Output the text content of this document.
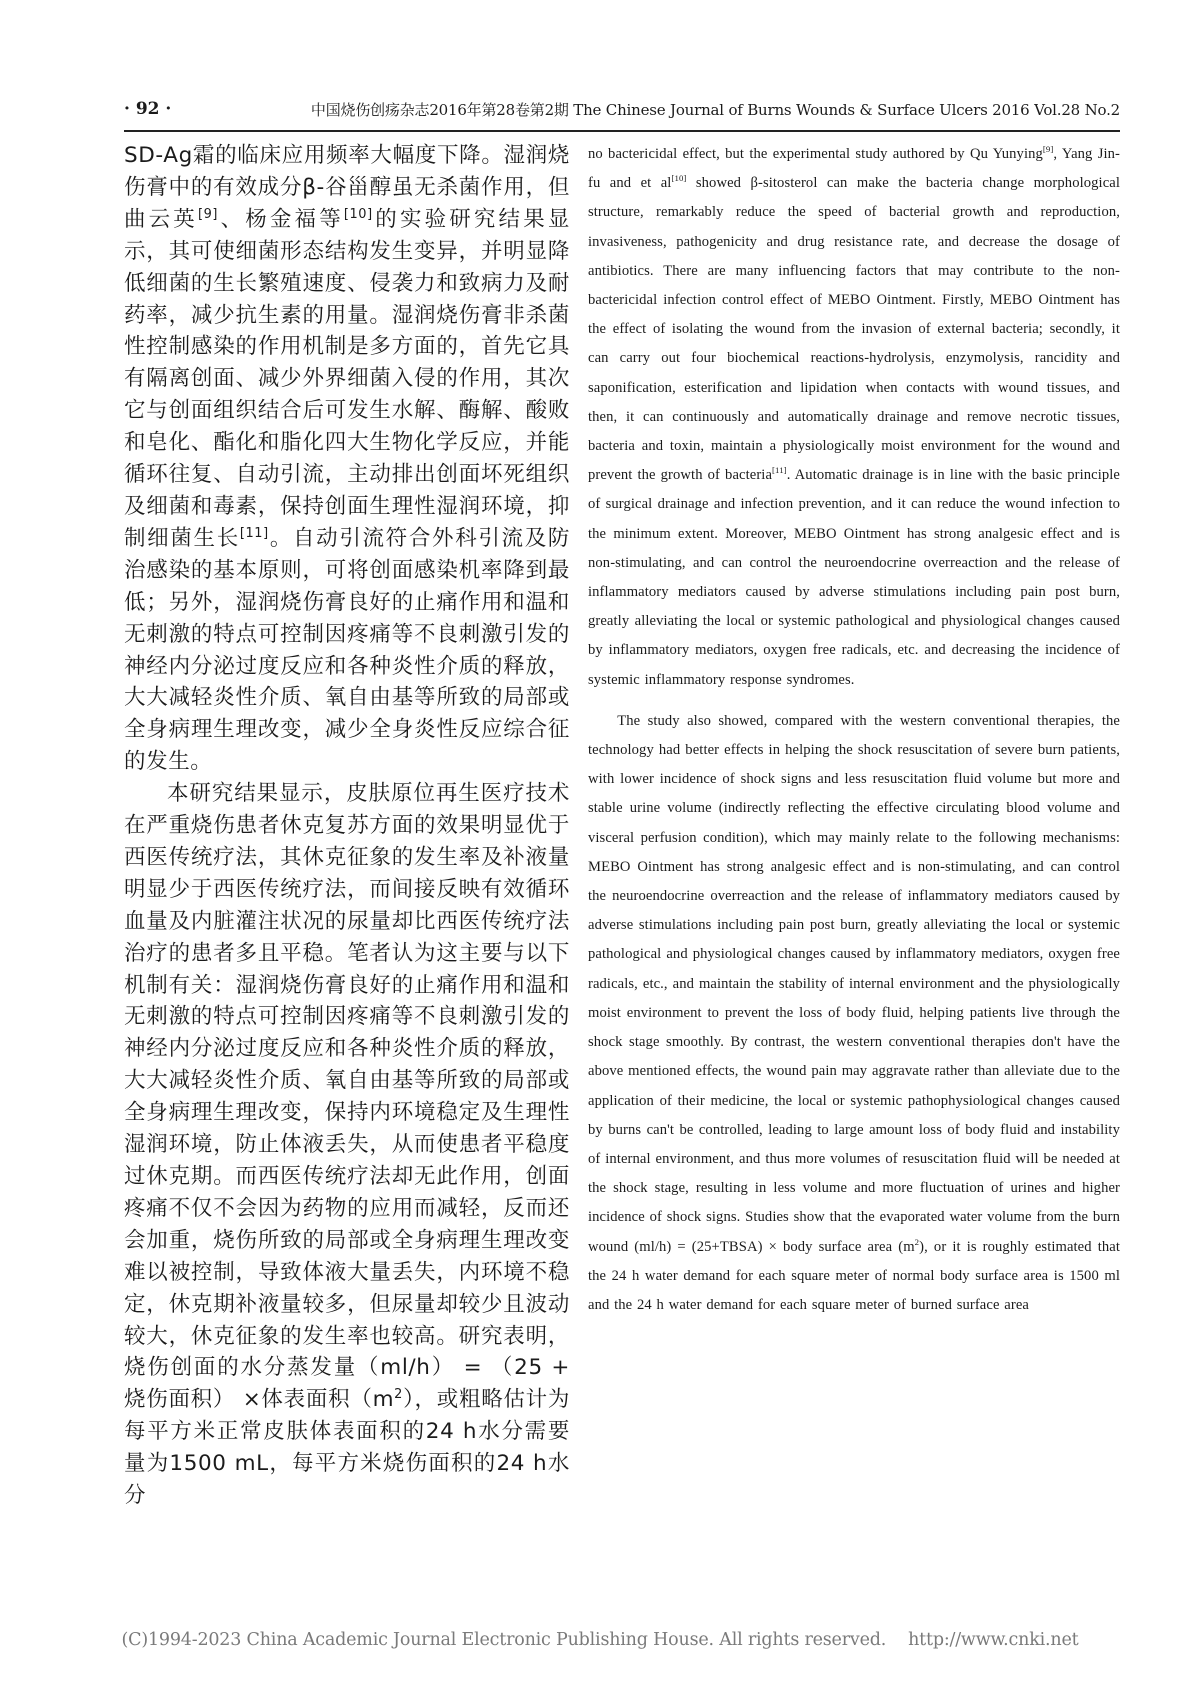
· 92 ·	中国烧伤创疡杂志2016年第28卷第2期 The Chinese Journal of Burns Wounds & Surface Ulcers 2016 Vol.28 No.2

SD-Ag霜的临床应用频率大幅度下降。湿润烧伤膏中的有效成分β-谷甾醇虽无杀菌作用，但曲云英[9]、杨金福等[10]的实验研究结果显示，其可使细菌形态结构发生变异，并明显降低细菌的生长繁殖速度、侵袭力和致病力及耐药率，减少抗生素的用量。湿润烧伤膏非杀菌性控制感染的作用机制是多方面的，首先它具有隔离创面、减少外界细菌入侵的作用，其次它与创面组织结合后可发生水解、酶解、酸败和皂化、酯化和脂化四大生物化学反应，并能循环往复、自动引流，主动排出创面坏死组织及细菌和毒素，保持创面生理性湿润环境，抑制细菌生长[11]。自动引流符合外科引流及防治感染的基本原则，可将创面感染机率降到最低；另外，湿润烧伤膏良好的止痛作用和温和无刺激的特点可控制因疼痛等不良刺激引发的神经内分泌过度反应和各种炎性介质的释放，大大减轻炎性介质、氧自由基等所致的局部或全身病理生理改变，减少全身炎性反应综合征的发生。

本研究结果显示，皮肤原位再生医疗技术在严重烧伤患者休克复苏方面的效果明显优于西医传统疗法，其休克征象的发生率及补液量明显少于西医传统疗法，而间接反映有效循环血量及内脏灌注状况的尿量却比西医传统疗法治疗的患者多且平稳。笔者认为这主要与以下机制有关：湿润烧伤膏良好的止痛作用和温和无刺激的特点可控制因疼痛等不良刺激引发的神经内分泌过度反应和各种炎性介质的释放，大大减轻炎性介质、氧自由基等所致的局部或全身病理生理改变，保持内环境稳定及生理性湿润环境，防止体液丢失，从而使患者平稳度过休克期。而西医传统疗法却无此作用，创面疼痛不仅不会因为药物的应用而减轻，反而还会加重，烧伤所致的局部或全身病理生理改变难以被控制，导致体液大量丢失，内环境不稳定，休克期补液量较多，但尿量却较少且波动较大，休克征象的发生率也较高。研究表明，烧伤创面的水分蒸发量（ml/h） = （25 + 烧伤面积） ×体表面积$(m^2)$，或粗略估计为每平方米正常皮肤体表面积的24 h水分需要量为1500 mL，每平方米烧伤面积的24 h水分

no bactericidal effect, but the experimental study authored by Qu Yunying[9], Yang Jin-fu and et al[10] showed β-sitosterol can make the bacteria change morphological structure, remarkably reduce the speed of bacterial growth and reproduction, invasiveness, pathogenicity and drug resistance rate, and decrease the dosage of antibiotics. There are many influencing factors that may contribute to the non-bactericidal infection control effect of MEBO Ointment. Firstly, MEBO Ointment has the effect of isolating the wound from the invasion of external bacteria; secondly, it can carry out four biochemical reactions-hydrolysis, enzymolysis, rancidity and saponification, esterification and lipidation when contacts with wound tissues, and then, it can continuously and automatically drainage and remove necrotic tissues, bacteria and toxin, maintain a physiologically moist environment for the wound and prevent the growth of bacteria[11]. Automatic drainage is in line with the basic principle of surgical drainage and infection prevention, and it can reduce the wound infection to the minimum extent. Moreover, MEBO Ointment has strong analgesic effect and is non-stimulating, and can control the neuroendocrine overreaction and the release of inflammatory mediators caused by adverse stimulations including pain post burn, greatly alleviating the local or systemic pathological and physiological changes caused by inflammatory mediators, oxygen free radicals, etc. and decreasing the incidence of systemic inflammatory response syndromes.

The study also showed, compared with the western conventional therapies, the technology had better effects in helping the shock resuscitation of severe burn patients, with lower incidence of shock signs and less resuscitation fluid volume but more and stable urine volume (indirectly reflecting the effective circulating blood volume and visceral perfusion condition), which may mainly relate to the following mechanisms: MEBO Ointment has strong analgesic effect and is non-stimulating, and can control the neuroendocrine overreaction and the release of inflammatory mediators caused by adverse stimulations including pain post burn, greatly alleviating the local or systemic pathological and physiological changes caused by inflammatory mediators, oxygen free radicals, etc., and maintain the stability of internal environment and the physiologically moist environment to prevent the loss of body fluid, helping patients live through the shock stage smoothly. By contrast, the western conventional therapies don't have the above mentioned effects, the wound pain may aggravate rather than alleviate due to the application of their medicine, the local or systemic pathophysiological changes caused by burns can't be controlled, leading to large amount loss of body fluid and instability of internal environment, and thus more volumes of resuscitation fluid will be needed at the shock stage, resulting in less volume and more fluctuation of urines and higher incidence of shock signs. Studies show that the evaporated water volume from the burn wound (ml/h) = (25+TBSA) × body surface area $(m^2)$, or it is roughly estimated that the 24 h water demand for each square meter of normal body surface area is 1500 ml and the 24 h water demand for each square meter of burned surface area

(C)1994-2023 China Academic Journal Electronic Publishing House. All rights reserved. http://www.cnki.net
